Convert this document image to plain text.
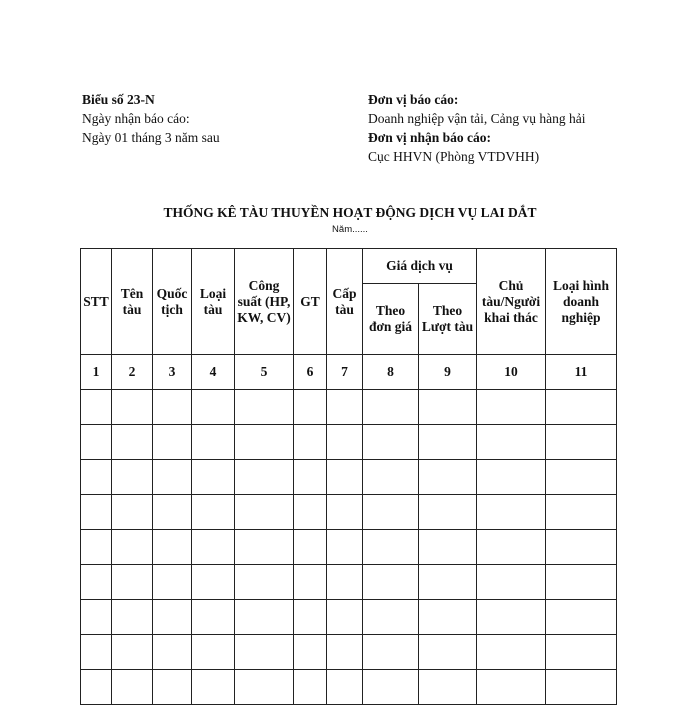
Biểu số 23-N
Ngày nhận báo cáo:
Ngày 01 tháng 3 năm sau
Đơn vị báo cáo:
Doanh nghiệp vận tải, Cảng vụ hàng hải
Đơn vị nhận báo cáo:
Cục HHVN (Phòng VTDVHH)
THỐNG KÊ TÀU THUYỀN HOẠT ĐỘNG DỊCH VỤ LAI DẮT
Năm......
STT	Tên tàu	Quốc tịch	Loại tàu	Công suất (HP, KW, CV)	GT	Cấp tàu	Giá dịch vụ		Chủ tàu/Người khai thác	Loại hình doanh nghiệp
							Theo đơn giá	Theo Lượt tàu		
1	2	3	4	5	6	7	8	9	10	11
